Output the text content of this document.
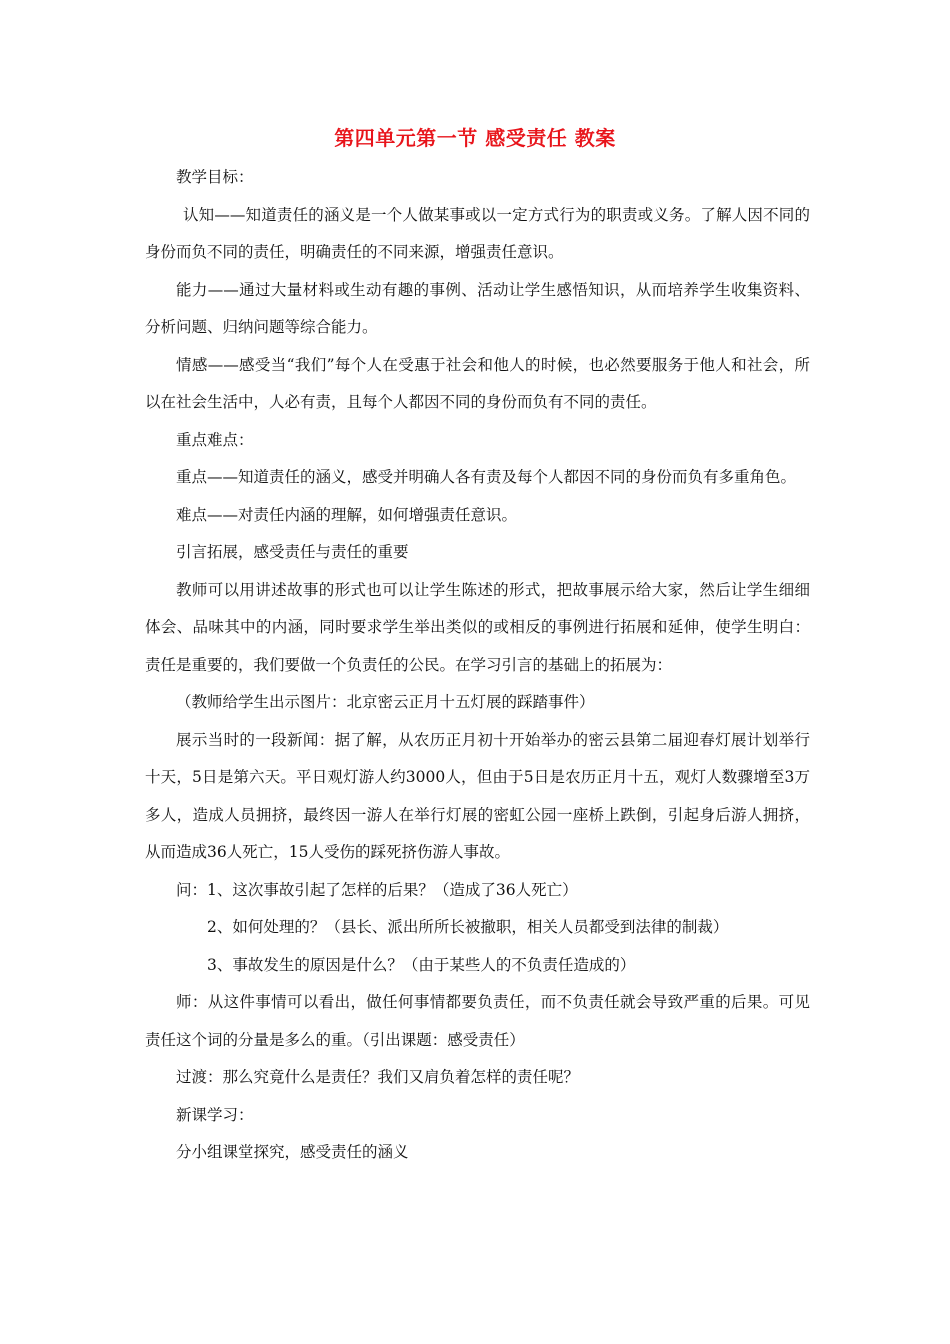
第四单元第一节 感受责任 教案

教学目标：

认知——知道责任的涵义是一个人做某事或以一定方式行为的职责或义务。了解人因不同的身份而负不同的责任，明确责任的不同来源，增强责任意识。

能力——通过大量材料或生动有趣的事例、活动让学生感悟知识，从而培养学生收集资料、分析问题、归纳问题等综合能力。

情感——感受当“我们”每个人在受惠于社会和他人的时候，也必然要服务于他人和社会，所以在社会生活中，人必有责，且每个人都因不同的身份而负有不同的责任。

重点难点：

重点——知道责任的涵义，感受并明确人各有责及每个人都因不同的身份而负有多重角色。

难点——对责任内涵的理解，如何增强责任意识。

引言拓展，感受责任与责任的重要

教师可以用讲述故事的形式也可以让学生陈述的形式，把故事展示给大家，然后让学生细细体会、品味其中的内涵，同时要求学生举出类似的或相反的事例进行拓展和延伸，使学生明白：责任是重要的，我们要做一个负责任的公民。在学习引言的基础上的拓展为：

（教师给学生出示图片：北京密云正月十五灯展的踩踏事件）

展示当时的一段新闻：据了解，从农历正月初十开始举办的密云县第二届迎春灯展计划举行十天，5日是第六天。平日观灯游人约3000人，但由于5日是农历正月十五，观灯人数骤增至3万多人，造成人员拥挤，最终因一游人在举行灯展的密虹公园一座桥上跌倒，引起身后游人拥挤，从而造成36人死亡，15人受伤的踩死挤伤游人事故。

问：1、这次事故引起了怎样的后果？（造成了36人死亡）

2、如何处理的？（县长、派出所所长被撤职，相关人员都受到法律的制裁）

3、事故发生的原因是什么？（由于某些人的不负责任造成的）

师：从这件事情可以看出，做任何事情都要负责任，而不负责任就会导致严重的后果。可见责任这个词的分量是多么的重。（引出课题：感受责任）

过渡：那么究竟什么是责任？我们又肩负着怎样的责任呢？

新课学习：

分小组课堂探究，感受责任的涵义
